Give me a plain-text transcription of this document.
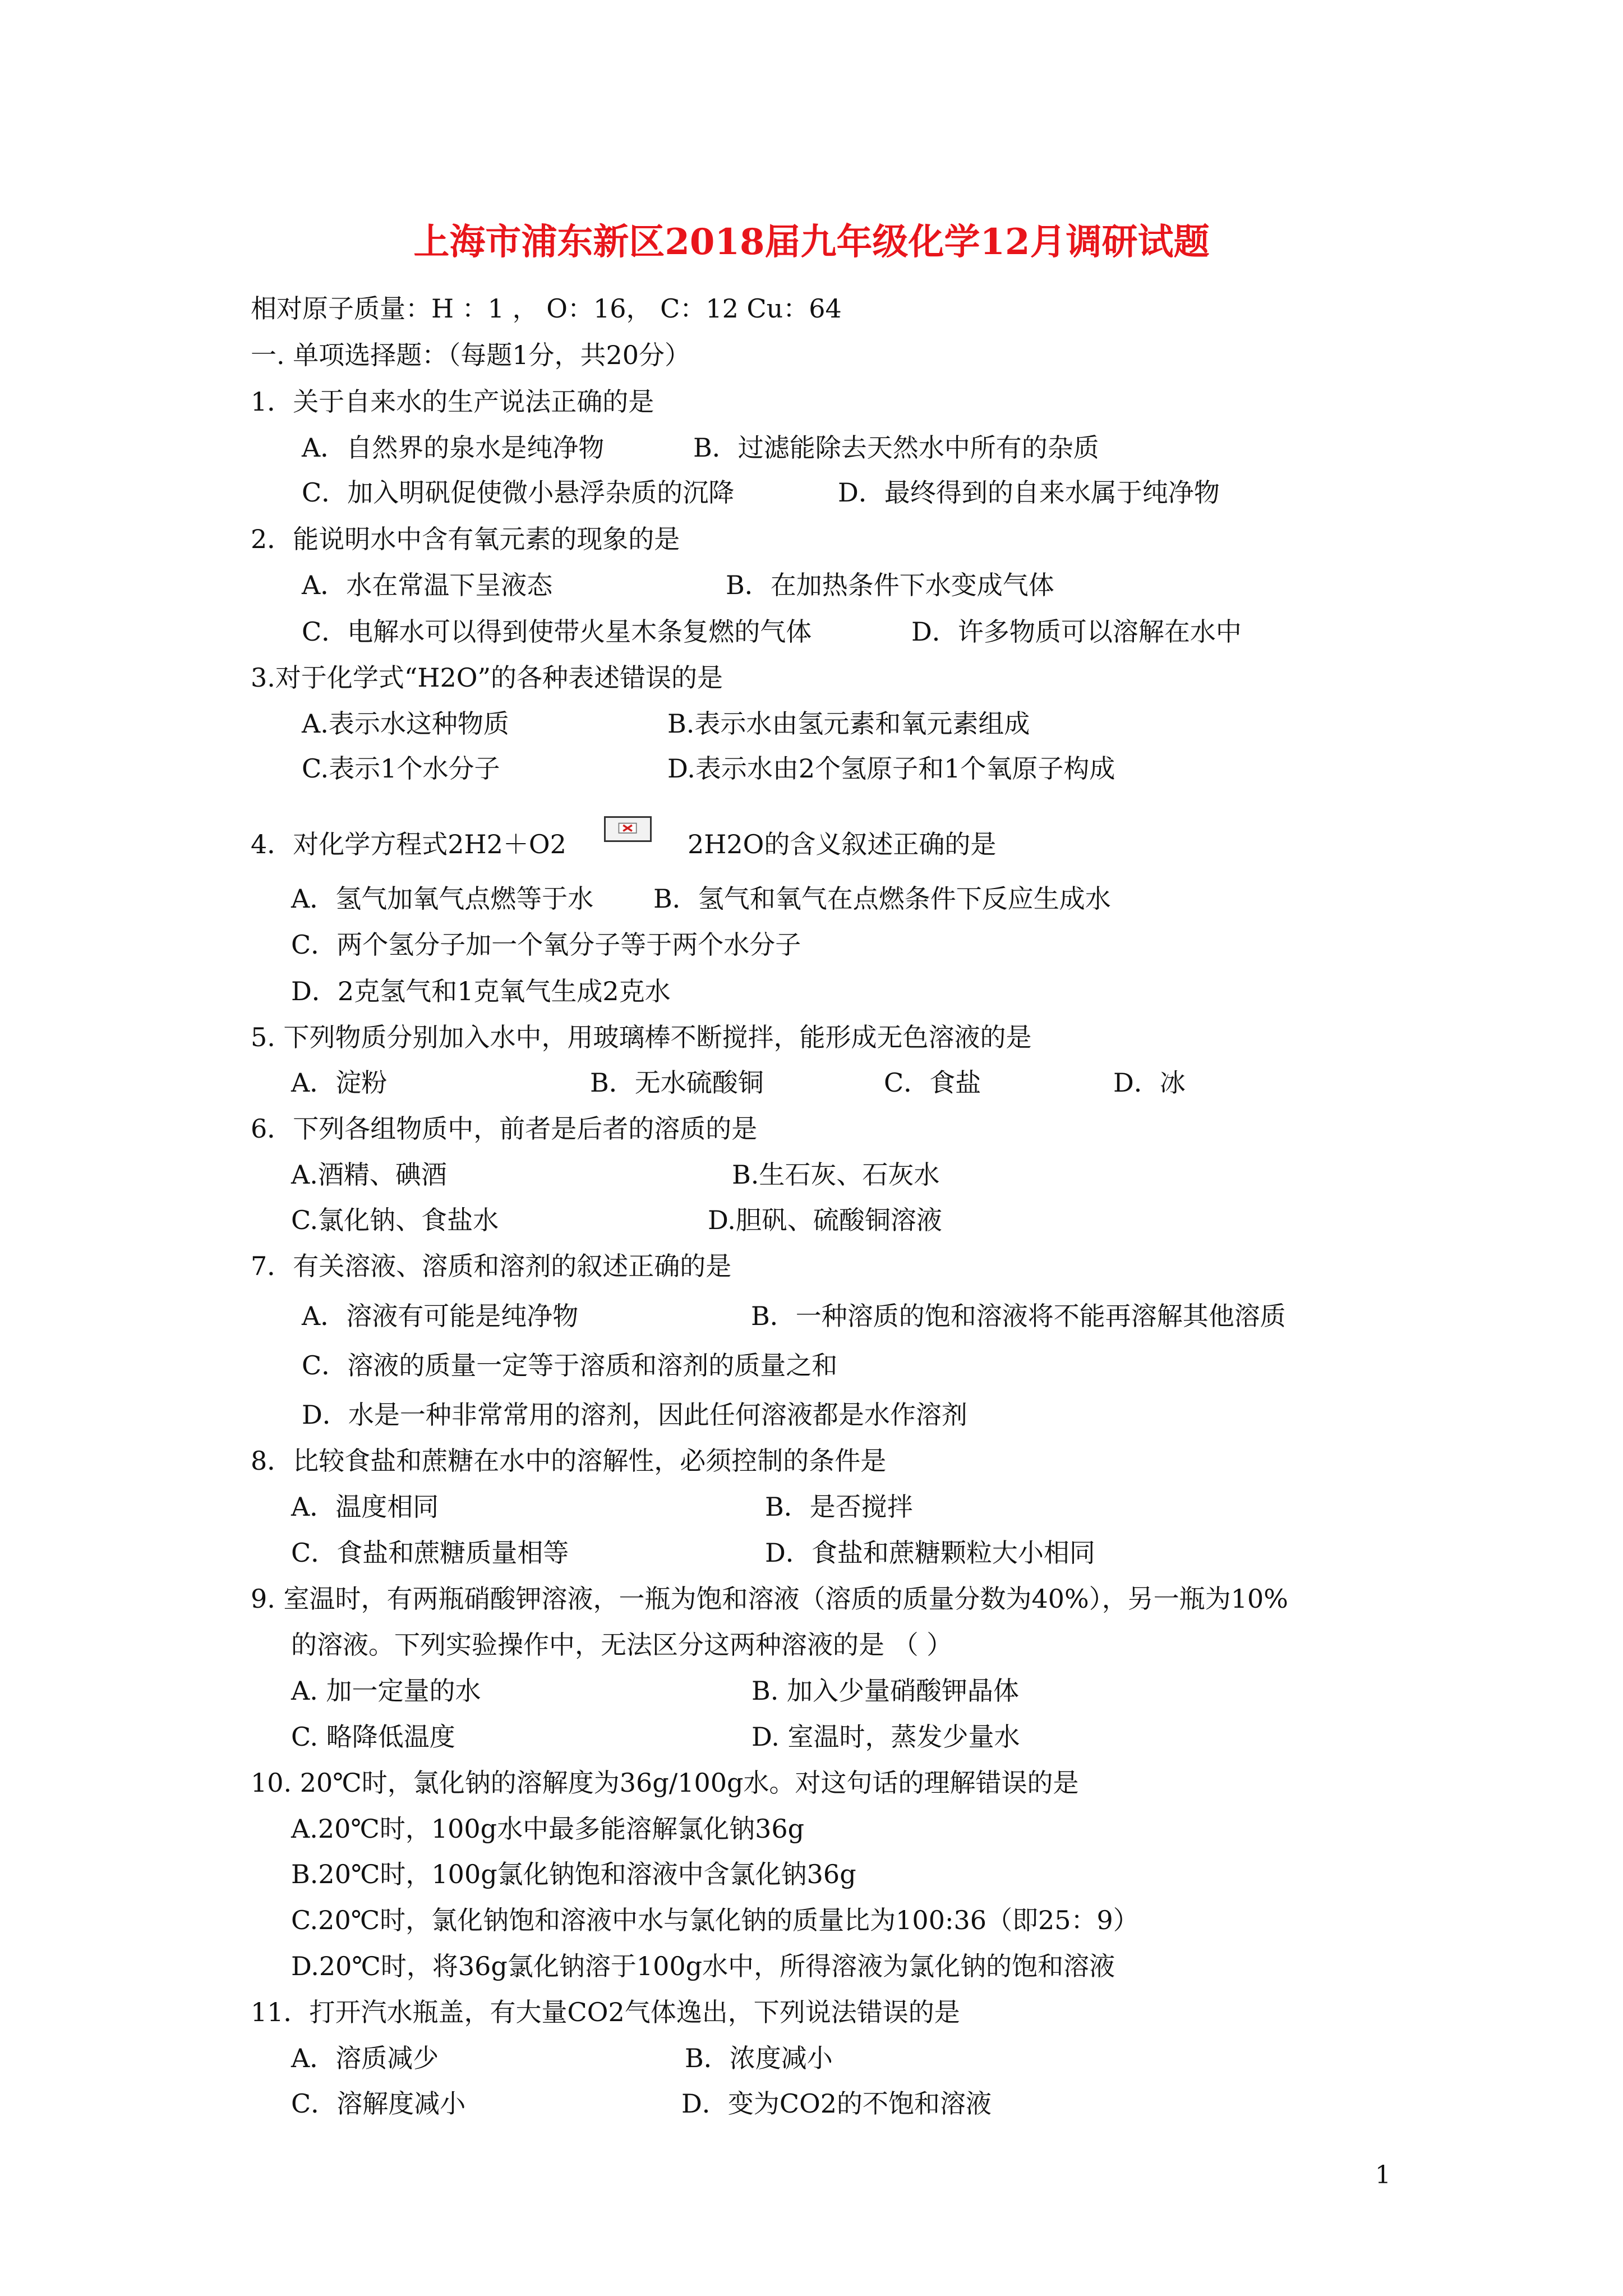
上海市浦东新区2018届九年级化学12月调研试题
相对原子质量：H ：1 ， O：16， C：12 Cu：64
一. 单项选择题：（每题1分，共20分）
1．关于自来水的生产说法正确的是
A．自然界的泉水是纯净物	B．过滤能除去天然水中所有的杂质
C．加入明矾促使微小悬浮杂质的沉降	D．最终得到的自来水属于纯净物
2．能说明水中含有氧元素的现象的是
A．水在常温下呈液态	B．在加热条件下水变成气体
C．电解水可以得到使带火星木条复燃的气体	D．许多物质可以溶解在水中
3.对于化学式“H2O”的各种表述错误的是
A.表示水这种物质	B.表示水由氢元素和氧元素组成
C.表示1个水分子	D.表示水由2个氢原子和1个氧原子构成
4．对化学方程式2H2＋O2	2H2O的含义叙述正确的是
A．氢气加氧气点燃等于水 B．氢气和氧气在点燃条件下反应生成水
C．两个氢分子加一个氧分子等于两个水分子
D．2克氢气和1克氧气生成2克水
5. 下列物质分别加入水中，用玻璃棒不断搅拌，能形成无色溶液的是
A．淀粉	B．无水硫酸铜	C．食盐	D．冰
6．下列各组物质中，前者是后者的溶质的是
A.酒精、碘酒	B.生石灰、石灰水
C.氯化钠、食盐水	D.胆矾、硫酸铜溶液
7．有关溶液、溶质和溶剂的叙述正确的是
A．溶液有可能是纯净物	B．一种溶质的饱和溶液将不能再溶解其他溶质
C．溶液的质量一定等于溶质和溶剂的质量之和
D．水是一种非常常用的溶剂，因此任何溶液都是水作溶剂
8．比较食盐和蔗糖在水中的溶解性，必须控制的条件是
A．温度相同	B．是否搅拌
C．食盐和蔗糖质量相等	D．食盐和蔗糖颗粒大小相同
9. 室温时，有两瓶硝酸钾溶液，一瓶为饱和溶液（溶质的质量分数为40%），另一瓶为10%
的溶液。下列实验操作中，无法区分这两种溶液的是 （ ）
A. 加一定量的水	B. 加入少量硝酸钾晶体
C. 略降低温度	D. 室温时，蒸发少量水
10. 20℃时，氯化钠的溶解度为36g/100g水。对这句话的理解错误的是
A.20℃时，100g水中最多能溶解氯化钠36g
B.20℃时，100g氯化钠饱和溶液中含氯化钠36g
C.20℃时，氯化钠饱和溶液中水与氯化钠的质量比为100:36（即25：9）
D.20℃时，将36g氯化钠溶于100g水中，所得溶液为氯化钠的饱和溶液
11．打开汽水瓶盖，有大量CO2气体逸出，下列说法错误的是
A．溶质减少	B．浓度减小
C．溶解度减小	D．变为CO2的不饱和溶液
1
